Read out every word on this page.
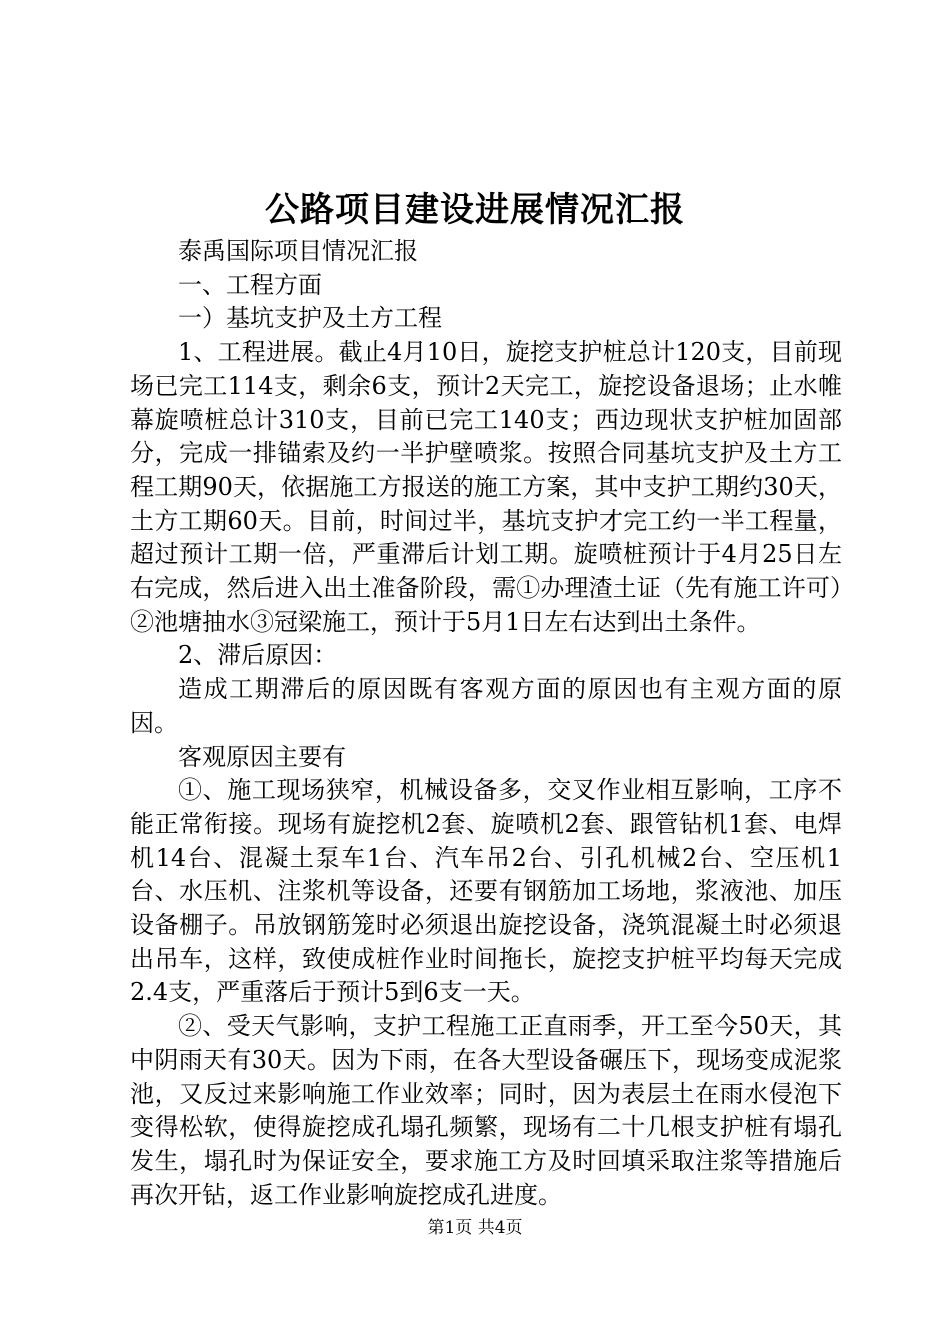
公路项目建设进展情况汇报

泰禹国际项目情况汇报

一、工程方面

一）基坑支护及土方工程

1、工程进展。截止4月10日，旋挖支护桩总计120支，目前现场已完工114支，剩余6支，预计2天完工，旋挖设备退场；止水帷幕旋喷桩总计310支，目前已完工140支；西边现状支护桩加固部分，完成一排锚索及约一半护壁喷浆。按照合同基坑支护及土方工程工期90天，依据施工方报送的施工方案，其中支护工期约30天，土方工期60天。目前，时间过半，基坑支护才完工约一半工程量，超过预计工期一倍，严重滞后计划工期。旋喷桩预计于4月25日左右完成，然后进入出土准备阶段，需①办理渣土证（先有施工许可）②池塘抽水③冠梁施工，预计于5月1日左右达到出土条件。

2、滞后原因：

造成工期滞后的原因既有客观方面的原因也有主观方面的原因。

客观原因主要有

①、施工现场狭窄，机械设备多，交叉作业相互影响，工序不能正常衔接。现场有旋挖机2套、旋喷机2套、跟管钻机1套、电焊机14台、混凝土泵车1台、汽车吊2台、引孔机械2台、空压机1台、水压机、注浆机等设备，还要有钢筋加工场地，浆液池、加压设备棚子。吊放钢筋笼时必须退出旋挖设备，浇筑混凝土时必须退出吊车，这样，致使成桩作业时间拖长，旋挖支护桩平均每天完成2.4支，严重落后于预计5到6支一天。

②、受天气影响，支护工程施工正直雨季，开工至今50天，其中阴雨天有30天。因为下雨，在各大型设备碾压下，现场变成泥浆池，又反过来影响施工作业效率；同时，因为表层土在雨水侵泡下变得松软，使得旋挖成孔塌孔频繁，现场有二十几根支护桩有塌孔发生，塌孔时为保证安全，要求施工方及时回填采取注浆等措施后再次开钻，返工作业影响旋挖成孔进度。

第1页 共4页
